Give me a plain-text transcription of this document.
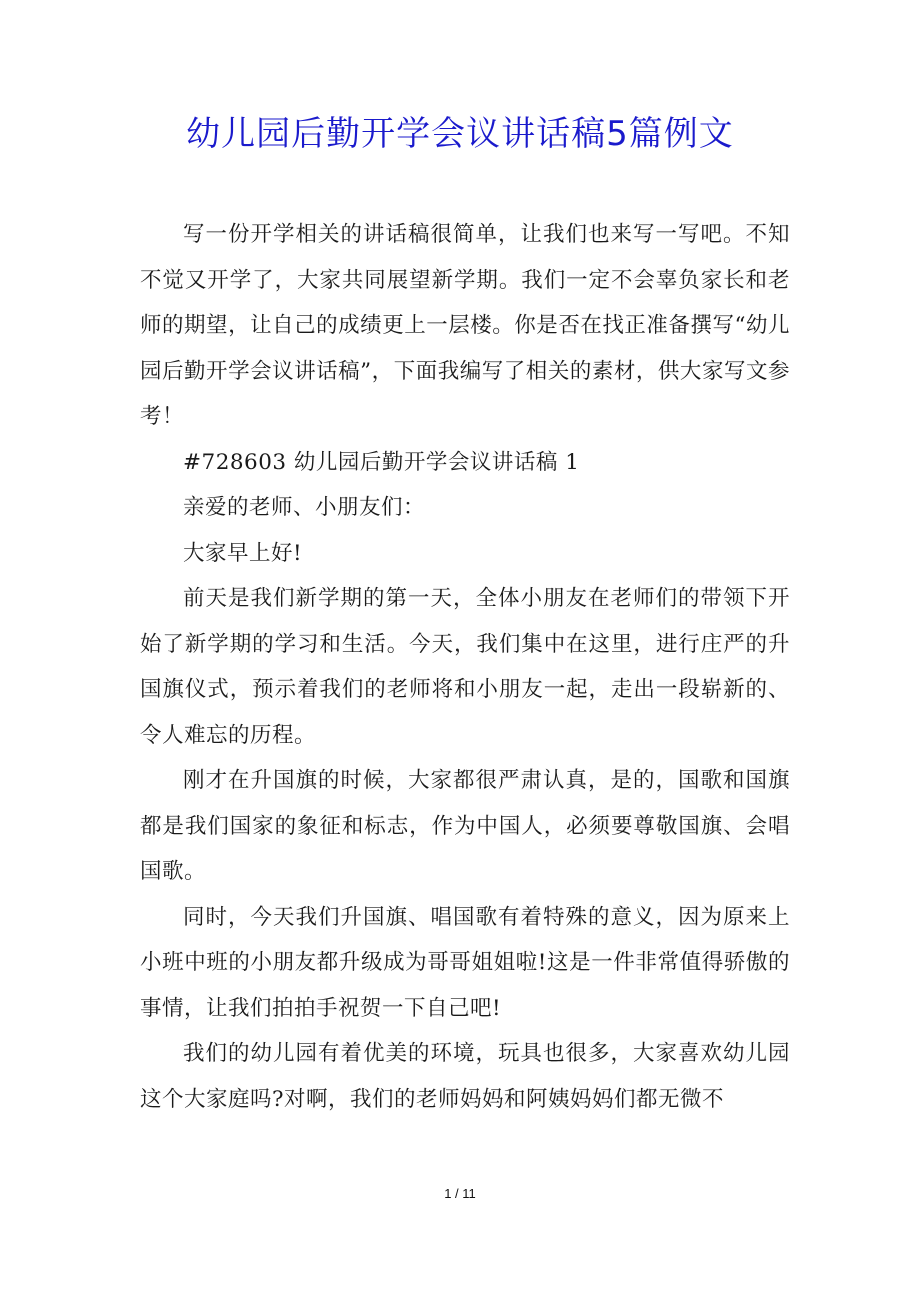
幼儿园后勤开学会议讲话稿5篇例文

写一份开学相关的讲话稿很简单，让我们也来写一写吧。不知不觉又开学了，大家共同展望新学期。我们一定不会辜负家长和老师的期望，让自己的成绩更上一层楼。你是否在找正准备撰写“幼儿园后勤开学会议讲话稿”，下面我编写了相关的素材，供大家写文参考！

#728603 幼儿园后勤开学会议讲话稿 1

亲爱的老师、小朋友们：

大家早上好!

前天是我们新学期的第一天，全体小朋友在老师们的带领下开始了新学期的学习和生活。今天，我们集中在这里，进行庄严的升国旗仪式，预示着我们的老师将和小朋友一起，走出一段崭新的、令人难忘的历程。

刚才在升国旗的时候，大家都很严肃认真，是的，国歌和国旗都是我们国家的象征和标志，作为中国人，必须要尊敬国旗、会唱国歌。

同时，今天我们升国旗、唱国歌有着特殊的意义，因为原来上小班中班的小朋友都升级成为哥哥姐姐啦!这是一件非常值得骄傲的事情，让我们拍拍手祝贺一下自己吧!

我们的幼儿园有着优美的环境，玩具也很多，大家喜欢幼儿园这个大家庭吗?对啊，我们的老师妈妈和阿姨妈妈们都无微不

1 / 11
